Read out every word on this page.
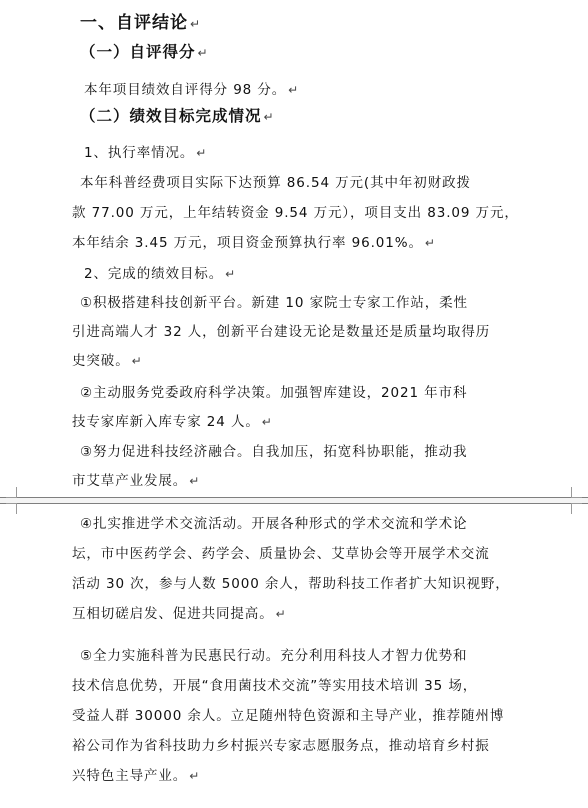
一、自评结论 ↵
（一）自评得分 ↵
本年项目绩效自评得分 98 分。 ↵
（二）绩效目标完成情况 ↵
1、执行率情况。 ↵
本年科普经费项目实际下达预算 86.54 万元(其中年初财政拨
款 77.00 万元，上年结转资金 9.54 万元），项目支出 83.09 万元，
本年结余 3.45 万元，项目资金预算执行率 96.01%。 ↵
2、完成的绩效目标。 ↵
①积极搭建科技创新平台。新建 10 家院士专家工作站，柔性
引进高端人才 32 人，创新平台建设无论是数量还是质量均取得历
史突破。 ↵
②主动服务党委政府科学决策。加强智库建设，2021 年市科
技专家库新入库专家 24 人。 ↵
③努力促进科技经济融合。自我加压，拓宽科协职能，推动我
市艾草产业发展。 ↵
④扎实推进学术交流活动。开展各种形式的学术交流和学术论
坛，市中医药学会、药学会、质量协会、艾草协会等开展学术交流
活动 30 次，参与人数 5000 余人，帮助科技工作者扩大知识视野，
互相切磋启发、促进共同提高。 ↵
⑤全力实施科普为民惠民行动。充分利用科技人才智力优势和
技术信息优势，开展“食用菌技术交流”等实用技术培训 35 场，
受益人群 30000 余人。立足随州特色资源和主导产业，推荐随州博
裕公司作为省科技助力乡村振兴专家志愿服务点，推动培育乡村振
兴特色主导产业。 ↵
